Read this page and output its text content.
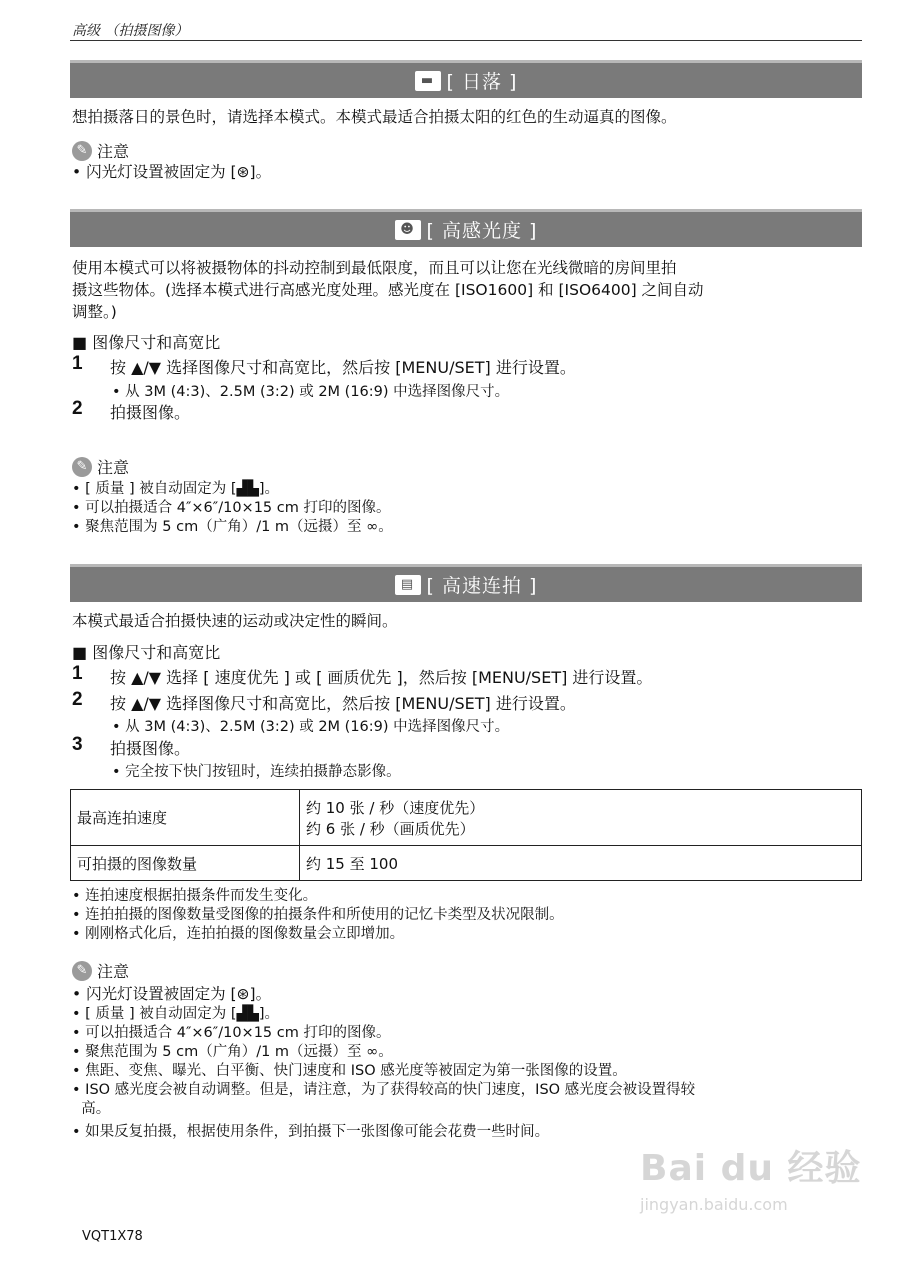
高级 （拍摄图像）
▬ [ 日落 ]
想拍摄落日的景色时，请选择本模式。本模式最适合拍摄太阳的红色的生动逼真的图像。
✎ 注意
• 闪光灯设置被固定为 [⊛]。
☻ [ 高感光度 ]
使用本模式可以将被摄物体的抖动控制到最低限度，而且可以让您在光线微暗的房间里拍
摄这些物体。(选择本模式进行高感光度处理。感光度在 [ISO1600] 和 [ISO6400] 之间自动
调整。)
■ 图像尺寸和高宽比
1 按 ▲/▼ 选择图像尺寸和高宽比，然后按 [MENU/SET] 进行设置。
• 从 3M (4:3)、2.5M (3:2) 或 2M (16:9) 中选择图像尺寸。
2 拍摄图像。
✎ 注意
• [ 质量 ] 被自动固定为 [▟▙]。
• 可以拍摄适合 4″×6″/10×15 cm 打印的图像。
• 聚焦范围为 5 cm（广角）/1 m（远摄）至 ∞。
▤ [ 高速连拍 ]
本模式最适合拍摄快速的运动或决定性的瞬间。
■ 图像尺寸和高宽比
1 按 ▲/▼ 选择 [ 速度优先 ] 或 [ 画质优先 ]，然后按 [MENU/SET] 进行设置。
2 按 ▲/▼ 选择图像尺寸和高宽比，然后按 [MENU/SET] 进行设置。
• 从 3M (4:3)、2.5M (3:2) 或 2M (16:9) 中选择图像尺寸。
3 拍摄图像。
• 完全按下快门按钮时，连续拍摄静态影像。
最高连拍速度	约 10 张 / 秒（速度优先）
约 6 张 / 秒（画质优先）

可拍摄的图像数量	约 15 至 100
• 连拍速度根据拍摄条件而发生变化。
• 连拍拍摄的图像数量受图像的拍摄条件和所使用的记忆卡类型及状况限制。
• 刚刚格式化后，连拍拍摄的图像数量会立即增加。
✎ 注意
• 闪光灯设置被固定为 [⊛]。
• [ 质量 ] 被自动固定为 [▟▙]。
• 可以拍摄适合 4″×6″/10×15 cm 打印的图像。
• 聚焦范围为 5 cm（广角）/1 m（远摄）至 ∞。
• 焦距、变焦、曝光、白平衡、快门速度和 ISO 感光度等被固定为第一张图像的设置。
• ISO 感光度会被自动调整。但是，请注意，为了获得较高的快门速度，ISO 感光度会被设置得较
高。
• 如果反复拍摄，根据使用条件，到拍摄下一张图像可能会花费一些时间。
VQT1X78
Bai du 经验
jingyan.baidu.com
